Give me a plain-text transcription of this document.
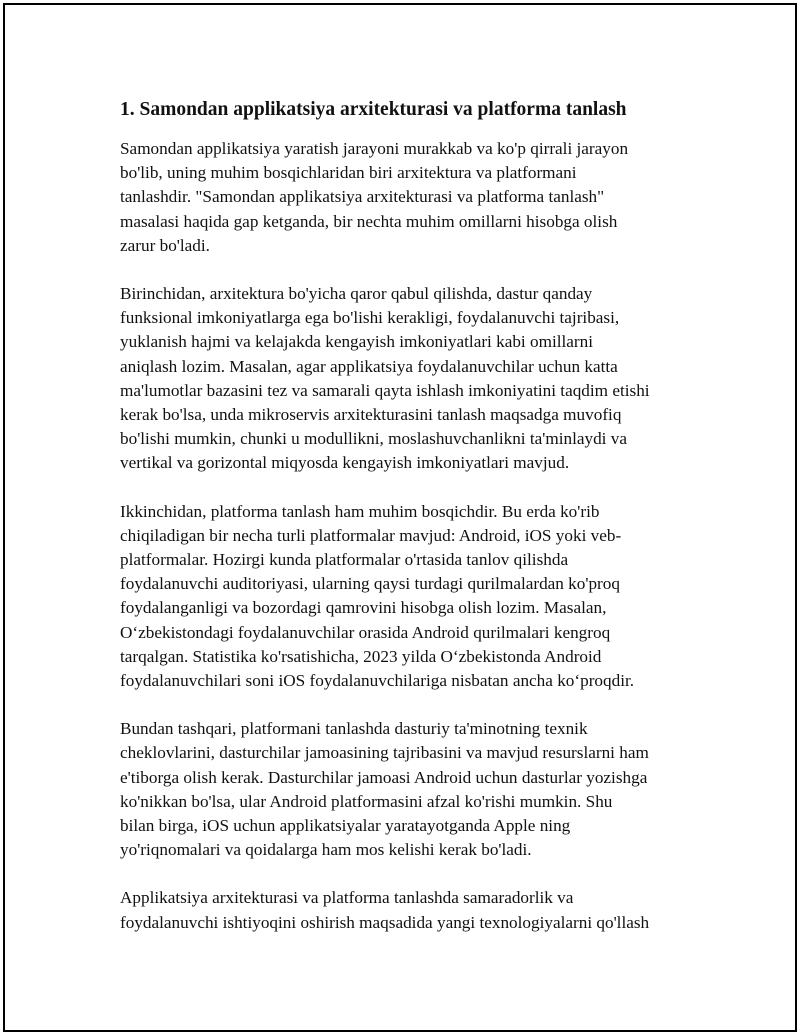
1. Samondan applikatsiya arxitekturasi va platforma tanlash

Samondan applikatsiya yaratish jarayoni murakkab va ko'p qirrali jarayon
bo'lib, uning muhim bosqichlaridan biri arxitektura va platformani
tanlashdir. "Samondan applikatsiya arxitekturasi va platforma tanlash"
masalasi haqida gap ketganda, bir nechta muhim omillarni hisobga olish
zarur bo'ladi.

Birinchidan, arxitektura bo'yicha qaror qabul qilishda, dastur qanday
funksional imkoniyatlarga ega bo'lishi kerakligi, foydalanuvchi tajribasi,
yuklanish hajmi va kelajakda kengayish imkoniyatlari kabi omillarni
aniqlash lozim. Masalan, agar applikatsiya foydalanuvchilar uchun katta
ma'lumotlar bazasini tez va samarali qayta ishlash imkoniyatini taqdim etishi
kerak bo'lsa, unda mikroservis arxitekturasini tanlash maqsadga muvofiq
bo'lishi mumkin, chunki u modullikni, moslashuvchanlikni ta'minlaydi va
vertikal va gorizontal miqyosda kengayish imkoniyatlari mavjud.

Ikkinchidan, platforma tanlash ham muhim bosqichdir. Bu erda ko'rib
chiqiladigan bir necha turli platformalar mavjud: Android, iOS yoki veb-
platformalar. Hozirgi kunda platformalar o'rtasida tanlov qilishda
foydalanuvchi auditoriyasi, ularning qaysi turdagi qurilmalardan ko'proq
foydalanganligi va bozordagi qamrovini hisobga olish lozim. Masalan,
O‘zbekistondagi foydalanuvchilar orasida Android qurilmalari kengroq
tarqalgan. Statistika ko'rsatishicha, 2023 yilda O‘zbekistonda Android
foydalanuvchilari soni iOS foydalanuvchilariga nisbatan ancha ko‘proqdir.

Bundan tashqari, platformani tanlashda dasturiy ta'minotning texnik
cheklovlarini, dasturchilar jamoasining tajribasini va mavjud resurslarni ham
e'tiborga olish kerak. Dasturchilar jamoasi Android uchun dasturlar yozishga
ko'nikkan bo'lsa, ular Android platformasini afzal ko'rishi mumkin. Shu
bilan birga, iOS uchun applikatsiyalar yaratayotganda Apple ning
yo'riqnomalari va qoidalarga ham mos kelishi kerak bo'ladi.

Applikatsiya arxitekturasi va platforma tanlashda samaradorlik va
foydalanuvchi ishtiyoqini oshirish maqsadida yangi texnologiyalarni qo'llash
